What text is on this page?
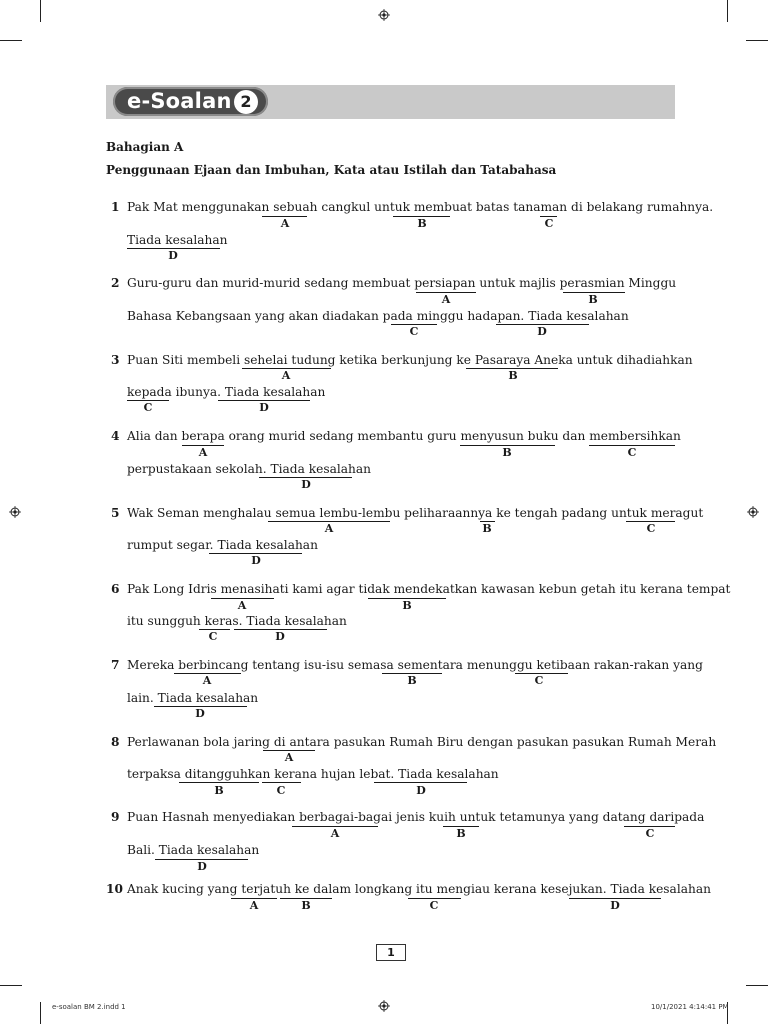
e-Soalan 2
Bahagian A
Penggunaan Ejaan dan Imbuhan, Kata atau Istilah dan Tatabahasa
1
2
3
4
5
6
7
8
9
10
Pak Mat menggunakan sebuah cangkul untuk membuat batas tanaman di belakang rumahnya.
A	B	C
Tiada kesalahan
D
Guru-guru dan murid-murid sedang membuat persiapan untuk majlis perasmian Minggu
A	B
Bahasa Kebangsaan yang akan diadakan pada minggu hadapan. Tiada kesalahan
C	D
Puan Siti membeli sehelai tudung ketika berkunjung ke Pasaraya Aneka untuk dihadiahkan
A	B
kepada ibunya. Tiada kesalahan
C	D
Alia dan berapa orang murid sedang membantu guru menyusun buku dan membersihkan
A	B	C
perpustakaan sekolah. Tiada kesalahan
D
Wak Seman menghalau semua lembu-lembu peliharaannya ke tengah padang untuk meragut
A	B	C
rumput segar. Tiada kesalahan
D
Pak Long Idris menasihati kami agar tidak mendekatkan kawasan kebun getah itu kerana tempat
A	B
itu sungguh keras. Tiada kesalahan
C	D
Mereka berbincang tentang isu-isu semasa sementara menunggu ketibaan rakan-rakan yang
A	B	C
lain. Tiada kesalahan
D
Perlawanan bola jaring di antara pasukan Rumah Biru dengan pasukan pasukan Rumah Merah
A
terpaksa ditangguhkan kerana hujan lebat. Tiada kesalahan
B	C	D
Puan Hasnah menyediakan berbagai-bagai jenis kuih untuk tetamunya yang datang daripada
A	B	C
Bali. Tiada kesalahan
D
Anak kucing yang terjatuh ke dalam longkang itu mengiau kerana kesejukan. Tiada kesalahan
A	B	C	D
1
e-soalan BM 2.indd 1	10/1/2021 4:14:41 PM
